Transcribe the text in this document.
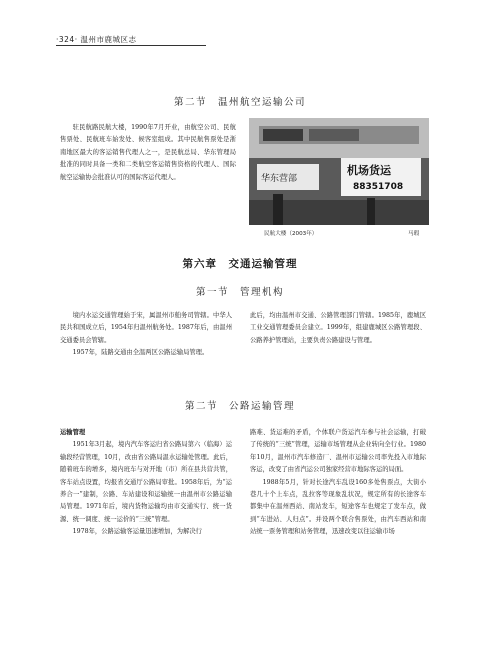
·324· 温州市鹿城区志
第二节　温州航空运输公司

驻民航路民航大楼，1990年7月开业，由航空公司、民航售票处、民航班车始发处、候客室组成。其中民航售票处是浙南地区最大的客运销售代理人之一，是民航总局、华东管理局批准的同时具备一类和二类航空客运销售资格的代理人、国际航空运输协会批准认可的国际客运代理人。	华东营部
机场货运
88351708
民航大楼（2003年）	马瑕
第六章　交通运输管理
第一节　管理机构

境内水运交通管理始于宋，属温州市舶务司管辖。中华人民共和国成立后，1954年归温州航务处。1987年后，由温州交通委员会管辖。

1957年，陆路交通由全温两区公路运输局管理。

此后，均由温州市交通、公路管理部门管辖。1985年，鹿城区工业交通管理委员会建立。1999年，组建鹿城区公路管理段、公路养护管理站，主要负责公路建设与管理。

第二节　公路运输管理

运输管理

1951年3月起，境内汽车客运归省公路局第六（临海）运输段经营管理，10月，改由省公路局温水运输处管理。此后，随着班车的增多，境内班车与对开地（市）所在县共营共管，客车站点设置，均报省交通厅公路局审批。1958年后，为“运养合一”建制，公路、车站建设和运输统一由温州市公路运输局管理。1971年后，境内货物运输均由市交通实行、统一货源、统一调度、统一运价的“三统”管理。

1978年，公路运输客运量迅速增加，为解决行

路难、货运难的矛盾，个体联户货运汽车参与社会运输，打破了传统的“三统”管理，运输市场管理从企业转向全行业。1980年10月，温州市汽车修造厂、温州市运输公司率先投入市地际客运，改变了由省汽运公司独家经营市地际客运的局面。

1988年5月，针对长途汽车乱设160多处售票点，大街小巷几十个上车点，乱拉客等现象乱状况，规定所有的长途客车都集中在温州西站、南站发车，短途客车也规定了发车点，做到“车进站、人归点”。并设两个联合售票处，由汽车西站和南站统一票务管理和站务管理，迅速改变以往运输市场
